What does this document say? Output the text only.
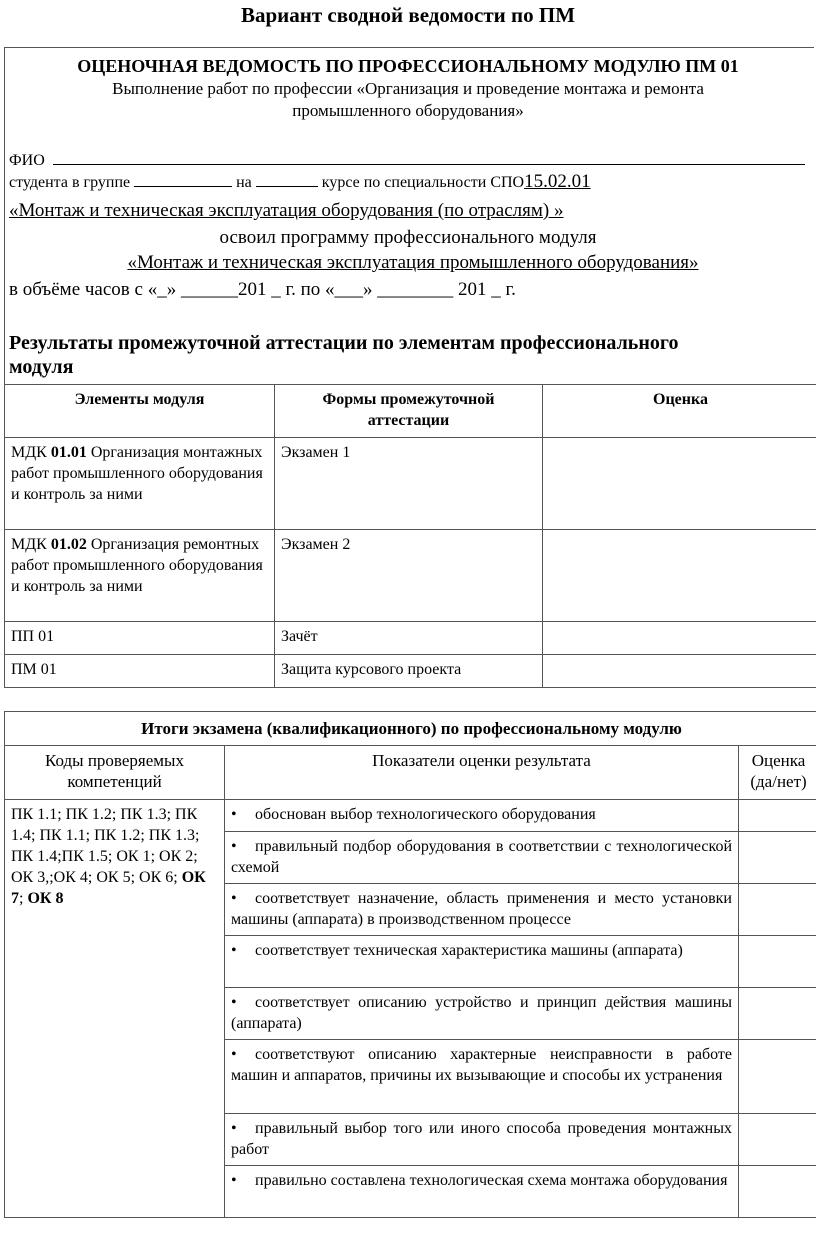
Вариант сводной ведомости по ПМ
ОЦЕНОЧНАЯ ВЕДОМОСТЬ ПО ПРОФЕССИОНАЛЬНОМУ МОДУЛЮ ПМ 01
Выполнение работ по профессии «Организация и проведение монтажа и ремонта
промышленного оборудования»
ФИО
студента в группе	на	курсе по специальности СПО15.02.01
«Монтаж и техническая эксплуатация оборудования (по отраслям) »
освоил программу профессионального модуля
«Монтаж и техническая эксплуатация промышленного оборудования»
в объёме часов с «_» ______201 _ г. по «___» ________ 201 _ г.
Результаты промежуточной аттестации по элементам профессионального
модуля
Элементы модуля	Формы промежуточной аттестации	Оценка
МДК 01.01 Организация монтажных работ промышленного оборудования и контроль за ними	Экзамен 1	
МДК 01.02 Организация ремонтных работ промышленного оборудования и контроль за ними	Экзамен 2	
ПП 01	Зачёт	
ПМ 01	Защита курсового проекта	
Итоги экзамена (квалификационного) по профессиональному модулю		
Коды проверяемых компетенций	Показатели оценки результата	Оценка (да/нет)
ПК 1.1; ПК 1.2; ПК 1.3; ПК 1.4; ПК 1.1; ПК 1.2; ПК 1.3; ПК 1.4;ПК 1.5; ОК 1; ОК 2; ОК 3,;ОК 4; ОК 5; ОК 6; ОК 7; ОК 8	• обоснован выбор технологического оборудования	
	• правильный подбор оборудования в соответствии с технологической схемой	
	• соответствует назначение, область применения и место установки машины (аппарата) в производственном процессе	
	• соответствует техническая характеристика машины (аппарата)	
	• соответствует описанию устройство и принцип действия машины (аппарата)	
	• соответствуют описанию характерные неисправности в работе машин и аппаратов, причины их вызывающие и способы их устранения	
	• правильный выбор того или иного способа проведения монтажных работ	
	• правильно составлена технологическая схема монтажа оборудования	
